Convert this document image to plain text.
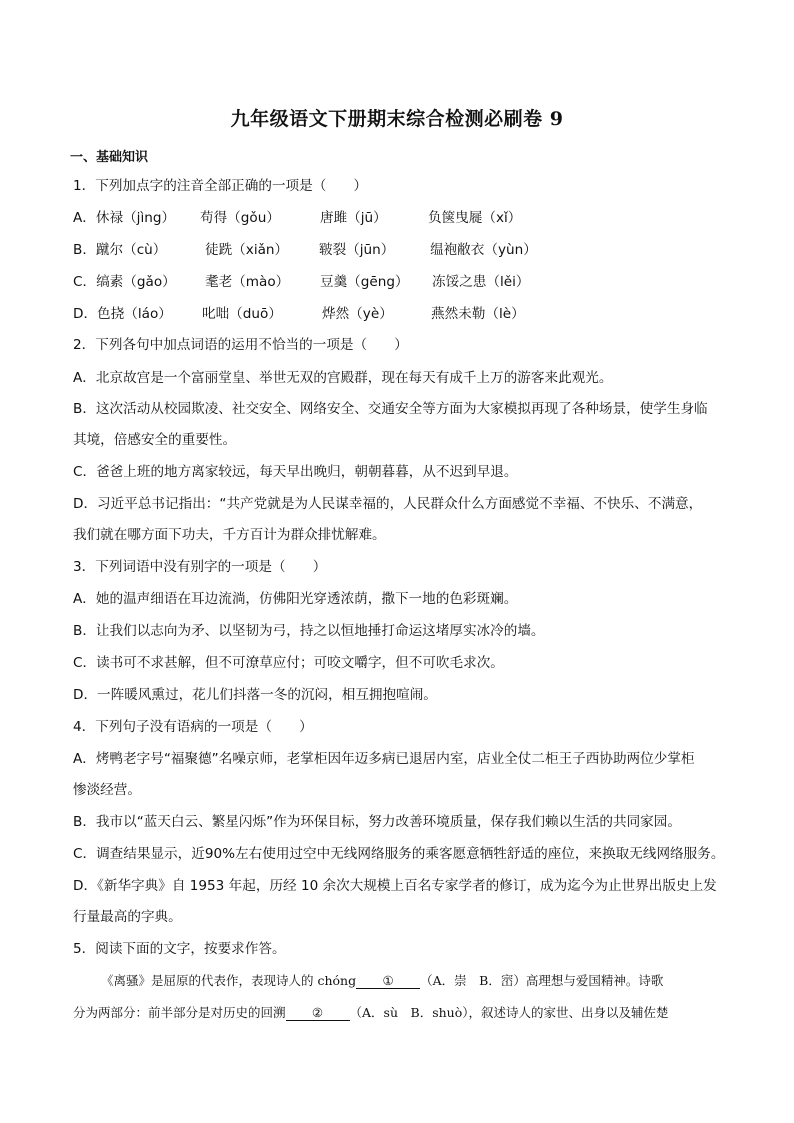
九年级语文下册期末综合检测必刷卷 9
一、基础知识
1．下列加点字的注音全部正确的一项是（　　）
A．休禄（jìng） 苟得（gǒu）	唐雎（jū）	负箧曳屣（xǐ）
B．蹴尔（cù）	徒跣（xiǎn） 皲裂（jūn）	缊袍敝衣（yùn）
C．缟素（gǎo） 耄老（mào） 豆羹（gēng） 冻馁之患（lěi）
D．色挠（láo） 叱咄（duō）	烨然（yè）	燕然未勒（lè）
2．下列各句中加点词语的运用不恰当的一项是（　　）
A．北京故宫是一个富丽堂皇、举世无双的宫殿群，现在每天有成千上万的游客来此观光。
B．这次活动从校园欺凌、社交安全、网络安全、交通安全等方面为大家模拟再现了各种场景，使学生身临
其境，倍感安全的重要性。
C．爸爸上班的地方离家较远，每天早出晚归，朝朝暮暮，从不迟到早退。
D．习近平总书记指出：“共产党就是为人民谋幸福的，人民群众什么方面感觉不幸福、不快乐、不满意，
我们就在哪方面下功夫，千方百计为群众排忧解难。
3．下列词语中没有别字的一项是（　　）
A．她的温声细语在耳边流淌，仿佛阳光穿透浓荫，撒下一地的色彩斑斓。
B．让我们以志向为矛、以坚韧为弓，持之以恒地捶打命运这堵厚实冰冷的墙。
C．读书可不求甚解，但不可潦草应付；可咬文嚼字，但不可吹毛求次。
D．一阵暖风熏过，花儿们抖落一冬的沉闷，相互拥抱喧闹。
4．下列句子没有语病的一项是（　　）
A．烤鸭老字号“福聚德”名噪京师，老掌柜因年迈多病已退居内室，店业全仗二柜王子西协助两位少掌柜
惨淡经营。
B．我市以“蓝天白云、繁星闪烁”作为环保目标，努力改善环境质量，保存我们赖以生活的共同家园。
C．调查结果显示，近90%左右使用过空中无线网络服务的乘客愿意牺牲舒适的座位，来换取无线网络服务。
D．《新华字典》自 1953 年起，历经 10 余次大规模上百名专家学者的修订，成为迄今为止世界出版史上发
行量最高的字典。
5．阅读下面的文字，按要求作答。
《离骚》是屈原的代表作，表现诗人的 chóng ① （A．崇　B．崈）高理想与爱国精神。诗歌
分为两部分：前半部分是对历史的回溯 ② （A．sù　B．shuò），叙述诗人的家世、出身以及辅佐楚
